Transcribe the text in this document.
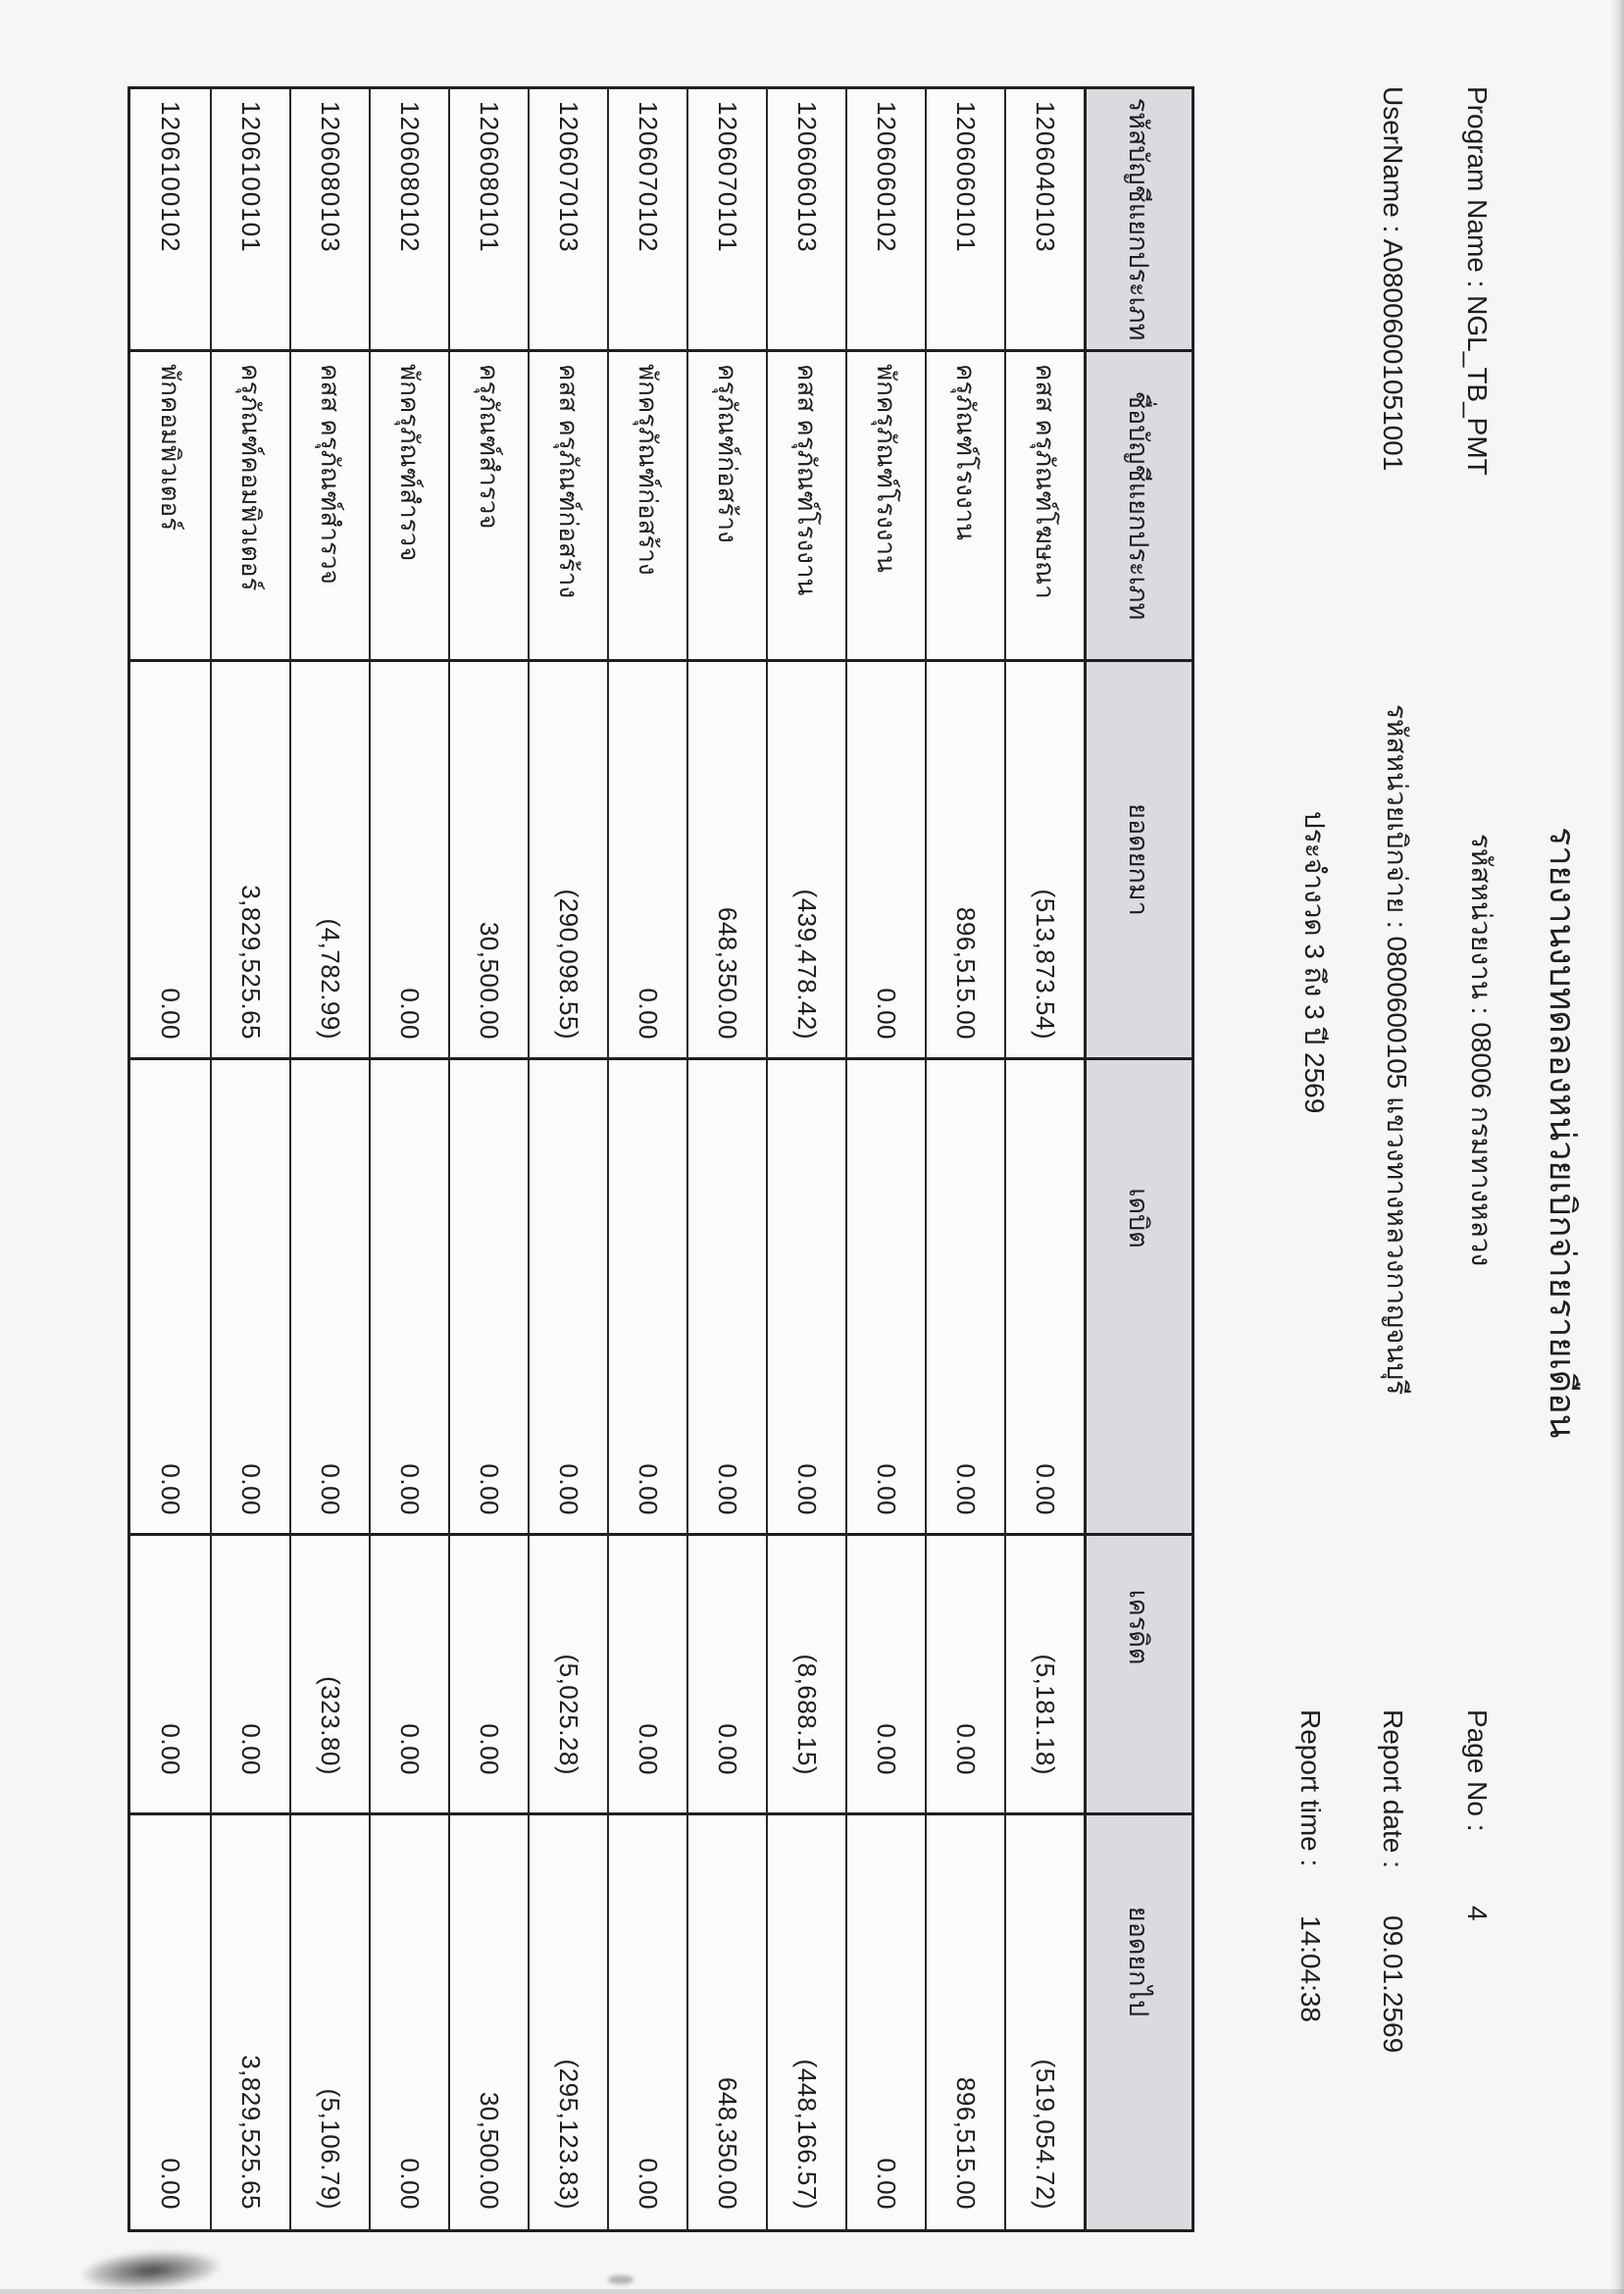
รายงานงบทดลองหน่วยเบิกจ่ายรายเดือน
Program Name : NGL_TB_PMT
รหัสหน่วยงาน : 08006 กรมทางหลวง
Page No :
4
UserName : A08006001051001
รหัสหน่วยเบิกจ่าย : 0800600105 แขวงทางหลวงกาญจนบุรี
Report date :
09.01.2569
ประจำงวด 3 ถึง 3 ปี 2569
Report time :
14:04:38
รหัสบัญชีแยกประเภท
ชื่อบัญชีแยกประเภท
ยอดยกมา
เดบิต
เครดิต
ยอดยกไป
1206040103
คสส ครุภัณฑ์โฆษณา
(513,873.54)
0.00
(5,181.18)
(519,054.72)
1206060101
ครุภัณฑ์โรงงาน
896,515.00
0.00
0.00
896,515.00
1206060102
พักครุภัณฑ์โรงงาน
0.00
0.00
0.00
0.00
1206060103
คสส ครุภัณฑ์โรงงาน
(439,478.42)
0.00
(8,688.15)
(448,166.57)
1206070101
ครุภัณฑ์ก่อสร้าง
648,350.00
0.00
0.00
648,350.00
1206070102
พักครุภัณฑ์ก่อสร้าง
0.00
0.00
0.00
0.00
1206070103
คสส ครุภัณฑ์ก่อสร้าง
(290,098.55)
0.00
(5,025.28)
(295,123.83)
1206080101
ครุภัณฑ์สำรวจ
30,500.00
0.00
0.00
30,500.00
1206080102
พักครุภัณฑ์สำรวจ
0.00
0.00
0.00
0.00
1206080103
คสส ครุภัณฑ์สำรวจ
(4,782.99)
0.00
(323.80)
(5,106.79)
1206100101
ครุภัณฑ์คอมพิวเตอร์
3,829,525.65
0.00
0.00
3,829,525.65
1206100102
พักคอมพิวเตอร์
0.00
0.00
0.00
0.00
